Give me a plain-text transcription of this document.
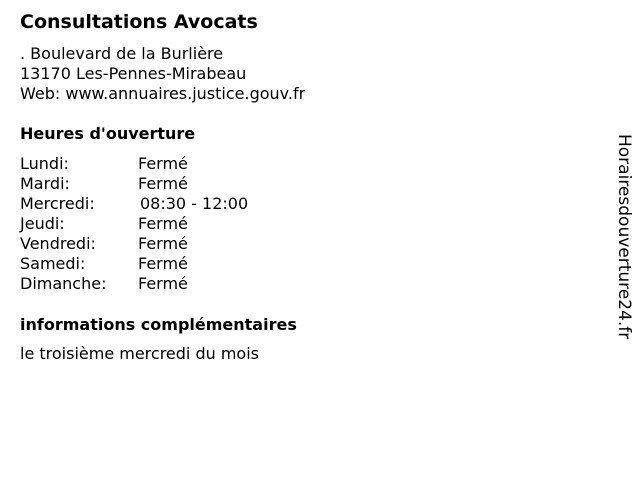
Consultations Avocats
. Boulevard de la Burlière
13170 Les-Pennes-Mirabeau
Web: www.annuaires.justice.gouv.fr
Heures d'ouverture
Lundi:	Fermé
Mardi:	Fermé
Mercredi:	08:30 - 12:00
Jeudi:	Fermé
Vendredi:	Fermé
Samedi:	Fermé
Dimanche: Fermé
informations complémentaires
le troisième mercredi du mois
Horairesdouverture24.fr
